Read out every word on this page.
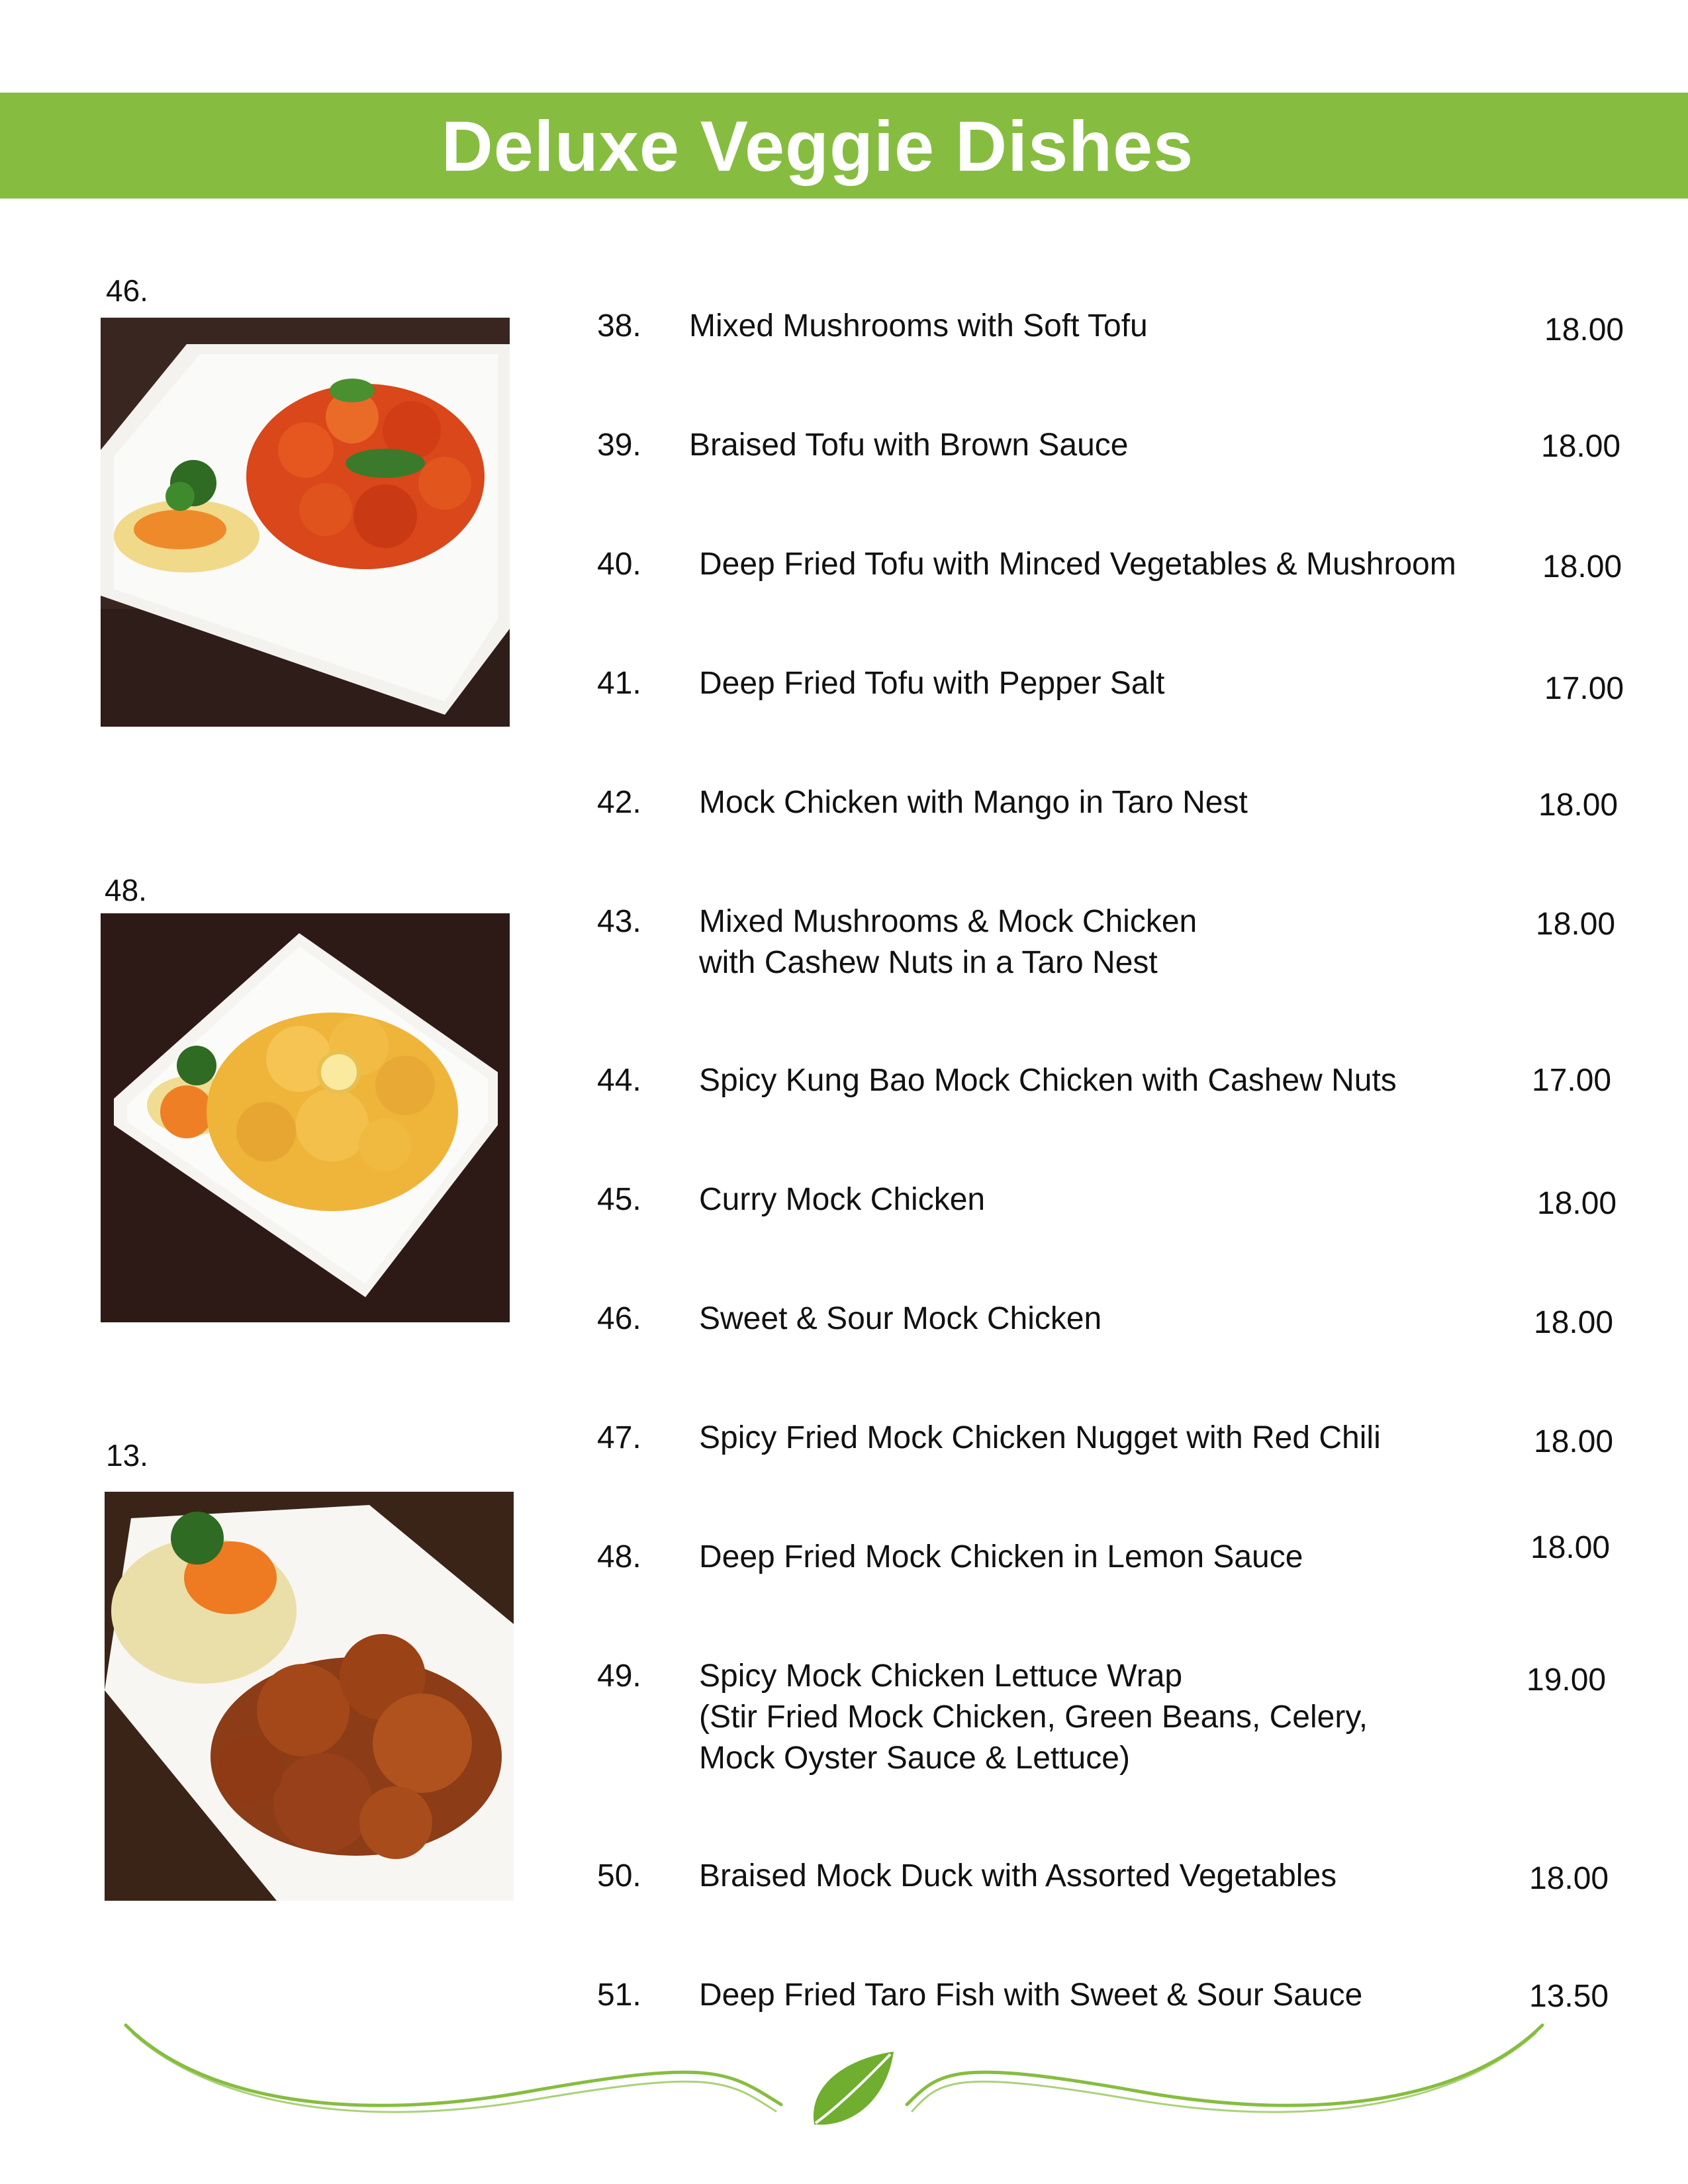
Deluxe Veggie Dishes
46.
48.
13.
38. Mixed Mushrooms with Soft Tofu	18.00
39. Braised Tofu with Brown Sauce	18.00
40. Deep Fried Tofu with Minced Vegetables & Mushroom	18.00
41. Deep Fried Tofu with Pepper Salt	17.00
42. Mock Chicken with Mango in Taro Nest	18.00
43. Mixed Mushrooms & Mock Chicken
with Cashew Nuts in a Taro Nest
18.00
44. Spicy Kung Bao Mock Chicken with Cashew Nuts	17.00
45. Curry Mock Chicken	18.00
46. Sweet & Sour Mock Chicken	18.00
47. Spicy Fried Mock Chicken Nugget with Red Chili	18.00
48. Deep Fried Mock Chicken in Lemon Sauce	18.00
49. Spicy Mock Chicken Lettuce Wrap
(Stir Fried Mock Chicken, Green Beans, Celery,
Mock Oyster Sauce & Lettuce)
19.00
50. Braised Mock Duck with Assorted Vegetables	18.00
51. Deep Fried Taro Fish with Sweet & Sour Sauce	13.50
